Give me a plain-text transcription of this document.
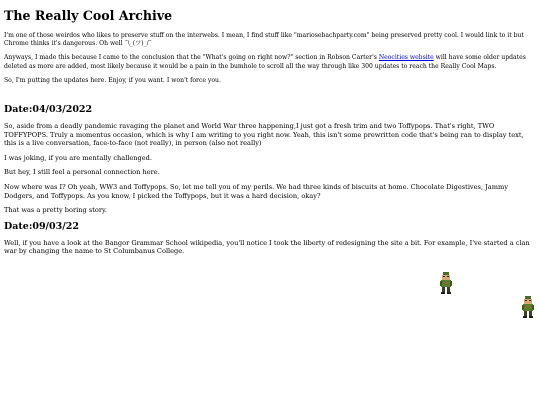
The Really Cool Archive

I'm one of those weirdos who likes to preserve stuff on the interwebs. I mean, I find stuff like "mariosebachparty.com" being preserved pretty cool. I would link to it but Chrome thinks it's dangerous. Oh well ¯\_(ツ)_/¯

Anyways, I made this because I came to the conclusion that the "What's going on right now?" section in Robson Carter's Neocities website will have some older updates deleted as more are added, most likely because it would be a pain in the bumhole to scroll all the way through like 300 updates to reach the Really Cool Maps.

So, I'm putting the updates here. Enjoy, if you want. I won't force you.

Date:04/03/2022

So, aside from a deadly pandemic ravaging the planet and World War three happening,I just got a fresh trim and two Toffypops. That's right, TWO TOFFYPOPS. Truly a momentus occasion, which is why I am writing to you right now. Yeah, this isn't some prewritten code that's being ran to display text, this is a live conversation, face-to-face (not really), in person (also not really)

I was joking, if you are mentally challenged.

But hey, I still feel a personal connection here.

Now where was I? Oh yeah, WW3 and Toffypops. So, let me tell you of my perils. We had three kinds of biscuits at home. Chocolate Digestives, Jammy Dodgers, and Toffypops. As you know, I picked the Toffypops, but it was a hard decision, okay?

That was a pretty boring story.

Date:09/03/22

Well, if you have a look at the Bangor Grammar School wikipedia, you'll notice I took the liberty of redesigning the site a bit. For example, I've started a clan war by changing the name to St Columbanus College.
